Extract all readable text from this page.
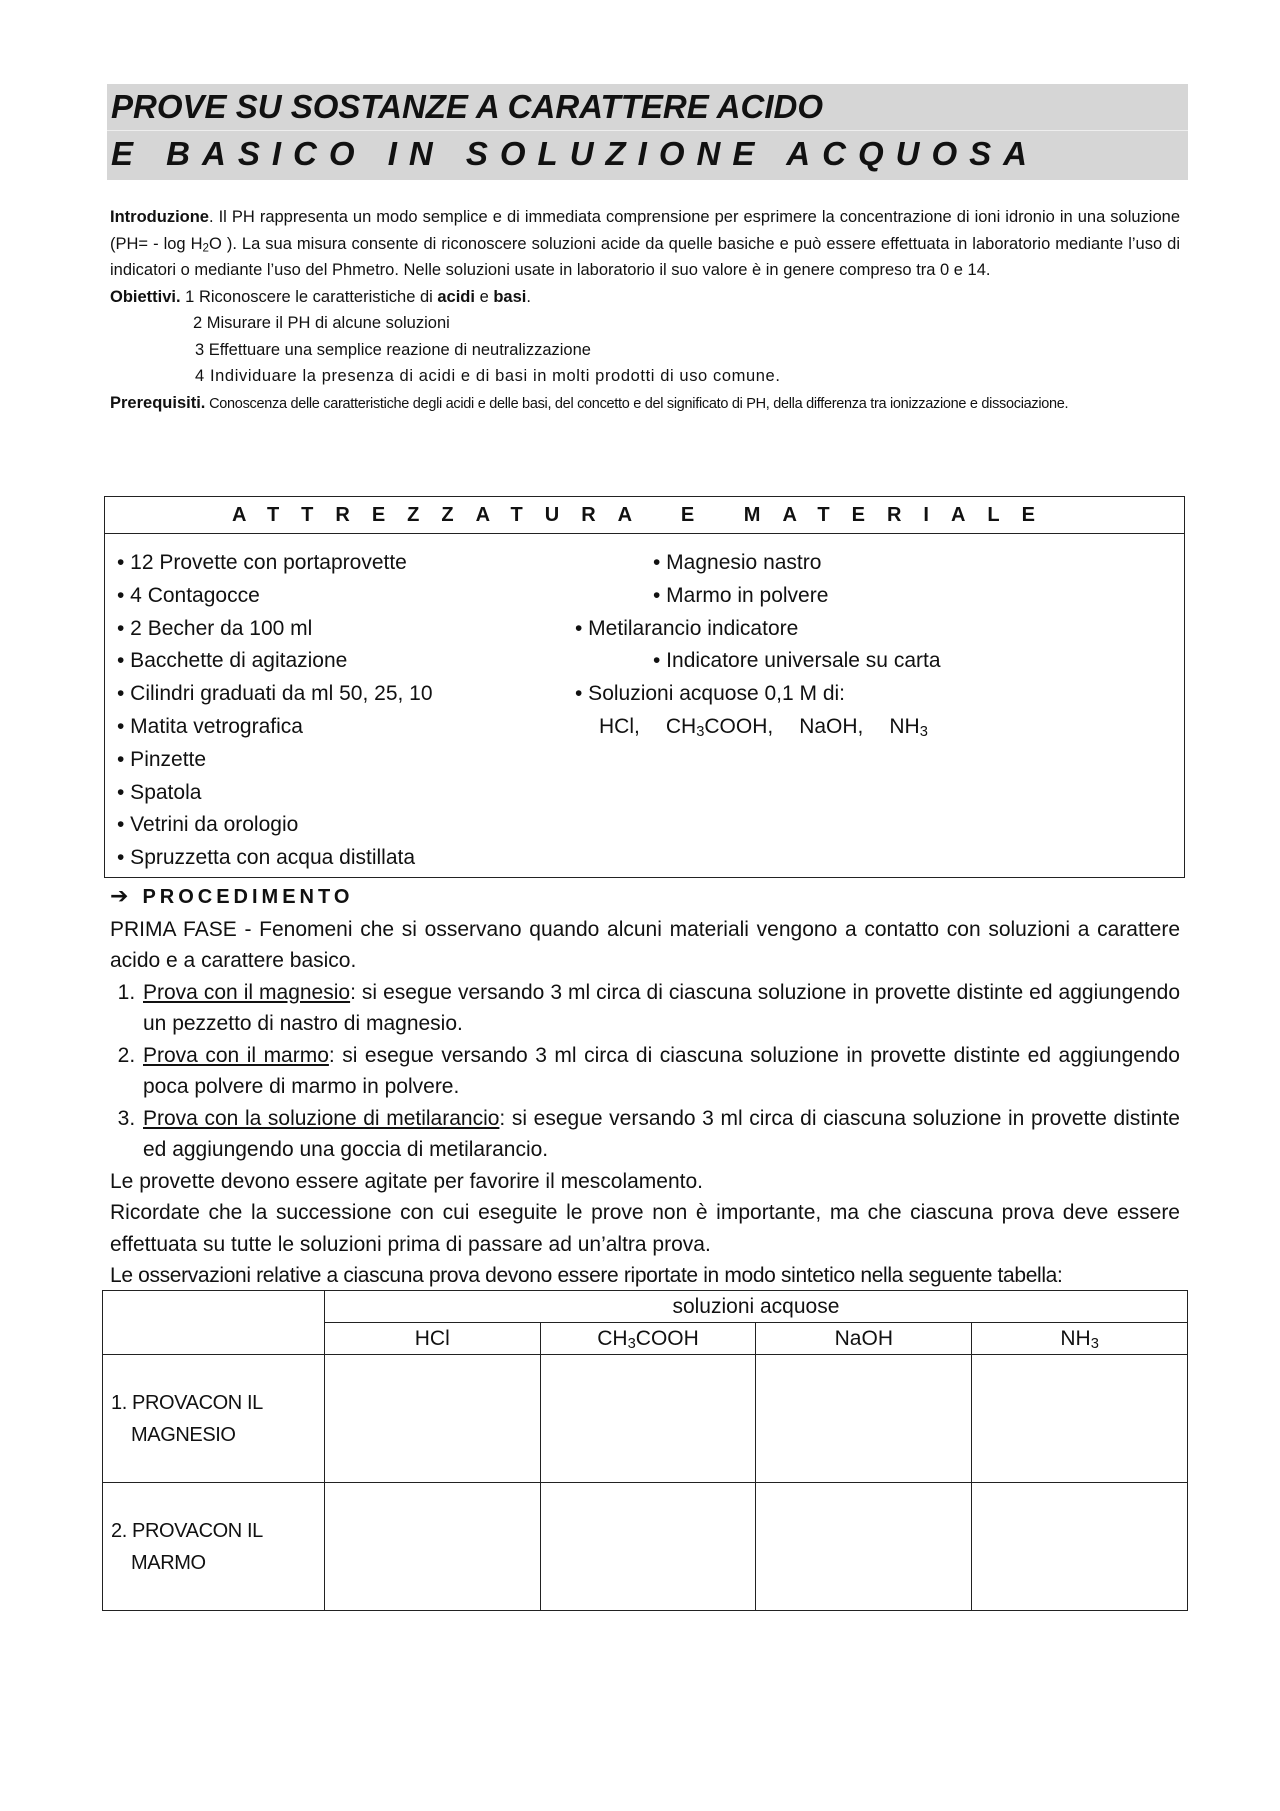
PROVE SU SOSTANZE A CARATTERE ACIDO
E BASICO IN SOLUZIONE ACQUOSA

Introduzione. Il PH rappresenta un modo semplice e di immediata comprensione per esprimere la concentrazione di ioni idronio in una soluzione ($PH= - \log H_2O$ ). La sua misura consente di riconoscere soluzioni acide da quelle basiche e può essere effettuata in laboratorio mediante l’uso di indicatori o mediante l’uso del Phmetro. Nelle soluzioni usate in laboratorio il suo valore è in genere compreso tra 0 e 14.

Obiettivi. 1 Riconoscere le caratteristiche di acidi e basi.

2 Misurare il PH di alcune soluzioni

3 Effettuare una semplice reazione di neutralizzazione

4 Individuare la presenza di acidi e di basi in molti prodotti di uso comune.

Prerequisiti. Conoscenza delle caratteristiche degli acidi e delle basi, del concetto e del significato di PH, della differenza tra ionizzazione e dissociazione.

ATTREZZATURA E MATERIALE
• 12 Provette con portaprovette
• 4 Contagocce
• 2 Becher da 100 ml
• Bacchette di agitazione
• Cilindri graduati da ml 50, 25, 10
• Matita vetrografica
• Pinzette
• Spatola
• Vetrini da orologio
• Spruzzetta con acqua distillata
• Magnesio nastro
• Marmo in polvere
• Metilarancio indicatore
• Indicatore universale su carta
• Soluzioni acquose 0,1 M di:
HCl, $CH_3COOH$, NaOH, $NH_3$

➔ PROCEDIMENTO

PRIMA FASE - Fenomeni che si osservano quando alcuni materiali vengono a contatto con soluzioni a carattere acido e a carattere basico.

1. Prova con il magnesio: si esegue versando 3 ml circa di ciascuna soluzione in provette distinte ed aggiungendo un pezzetto di nastro di magnesio.
2. Prova con il marmo: si esegue versando 3 ml circa di ciascuna soluzione in provette distinte ed aggiungendo poca polvere di marmo in polvere.
3. Prova con la soluzione di metilarancio: si esegue versando 3 ml circa di ciascuna soluzione in provette distinte ed aggiungendo una goccia di metilarancio.

Le provette devono essere agitate per favorire il mescolamento.

Ricordate che la successione con cui eseguite le prove non è importante, ma che ciascuna prova deve essere effettuata su tutte le soluzioni prima di passare ad un’altra prova.

Le osservazioni relative a ciascuna prova devono essere riportate in modo sintetico nella seguente tabella:

	soluzioni acquose			
	HCl	$CH_3COOH$	NaOH	$NH_3$

1. PROVACON IL
MAGNESIO				

2. PROVACON IL
MARMO				
